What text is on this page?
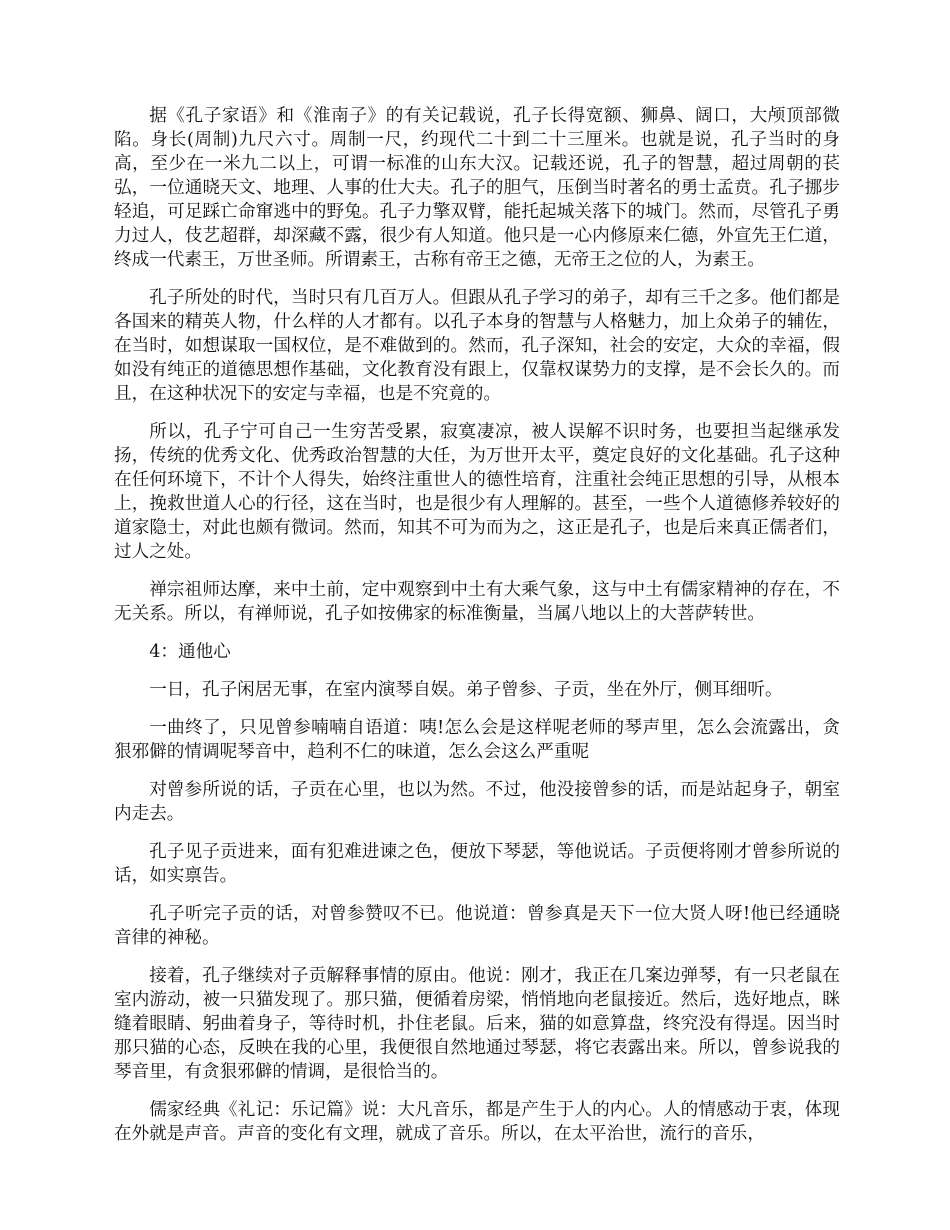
据《孔子家语》和《淮南子》的有关记载说，孔子长得宽额、狮鼻、阔口，大颅顶部微陷。身长(周制)九尺六寸。周制一尺，约现代二十到二十三厘米。也就是说，孔子当时的身高，至少在一米九二以上，可谓一标准的山东大汉。记载还说，孔子的智慧，超过周朝的苌弘，一位通晓天文、地理、人事的仕大夫。孔子的胆气，压倒当时著名的勇士孟贲。孔子挪步轻追，可足踩亡命窜逃中的野兔。孔子力擎双臂，能托起城关落下的城门。然而，尽管孔子勇力过人，伎艺超群，却深藏不露，很少有人知道。他只是一心内修原来仁德，外宣先王仁道，终成一代素王，万世圣师。所谓素王，古称有帝王之德，无帝王之位的人，为素王。

孔子所处的时代，当时只有几百万人。但跟从孔子学习的弟子，却有三千之多。他们都是各国来的精英人物，什么样的人才都有。以孔子本身的智慧与人格魅力，加上众弟子的辅佐，在当时，如想谋取一国权位，是不难做到的。然而，孔子深知，社会的安定，大众的幸福，假如没有纯正的道德思想作基础，文化教育没有跟上，仅靠权谋势力的支撑，是不会长久的。而且，在这种状况下的安定与幸福，也是不究竟的。

所以，孔子宁可自己一生穷苦受累，寂寞凄凉，被人误解不识时务，也要担当起继承发扬，传统的优秀文化、优秀政治智慧的大任，为万世开太平，奠定良好的文化基础。孔子这种在任何环境下，不计个人得失，始终注重世人的德性培育，注重社会纯正思想的引导，从根本上，挽救世道人心的行径，这在当时，也是很少有人理解的。甚至，一些个人道德修养较好的道家隐士，对此也颇有微词。然而，知其不可为而为之，这正是孔子，也是后来真正儒者们，过人之处。

禅宗祖师达摩，来中土前，定中观察到中土有大乘气象，这与中土有儒家精神的存在，不无关系。所以，有禅师说，孔子如按佛家的标准衡量，当属八地以上的大菩萨转世。

4：通他心

一日，孔子闲居无事，在室内演琴自娱。弟子曾参、子贡，坐在外厅，侧耳细听。

一曲终了，只见曾参喃喃自语道：咦!怎么会是这样呢老师的琴声里，怎么会流露出，贪狠邪僻的情调呢琴音中，趋利不仁的味道，怎么会这么严重呢

对曾参所说的话，子贡在心里，也以为然。不过，他没接曾参的话，而是站起身子，朝室内走去。

孔子见子贡进来，面有犯难进谏之色，便放下琴瑟，等他说话。子贡便将刚才曾参所说的话，如实禀告。

孔子听完子贡的话，对曾参赞叹不已。他说道：曾参真是天下一位大贤人呀!他已经通晓音律的神秘。

接着，孔子继续对子贡解释事情的原由。他说：刚才，我正在几案边弹琴，有一只老鼠在室内游动，被一只猫发现了。那只猫，便循着房梁，悄悄地向老鼠接近。然后，选好地点，眯缝着眼睛、躬曲着身子，等待时机，扑住老鼠。后来，猫的如意算盘，终究没有得逞。因当时那只猫的心态，反映在我的心里，我便很自然地通过琴瑟，将它表露出来。所以，曾参说我的琴音里，有贪狠邪僻的情调，是很恰当的。

儒家经典《礼记：乐记篇》说：大凡音乐，都是产生于人的内心。人的情感动于衷，体现在外就是声音。声音的变化有文理，就成了音乐。所以，在太平治世，流行的音乐，
